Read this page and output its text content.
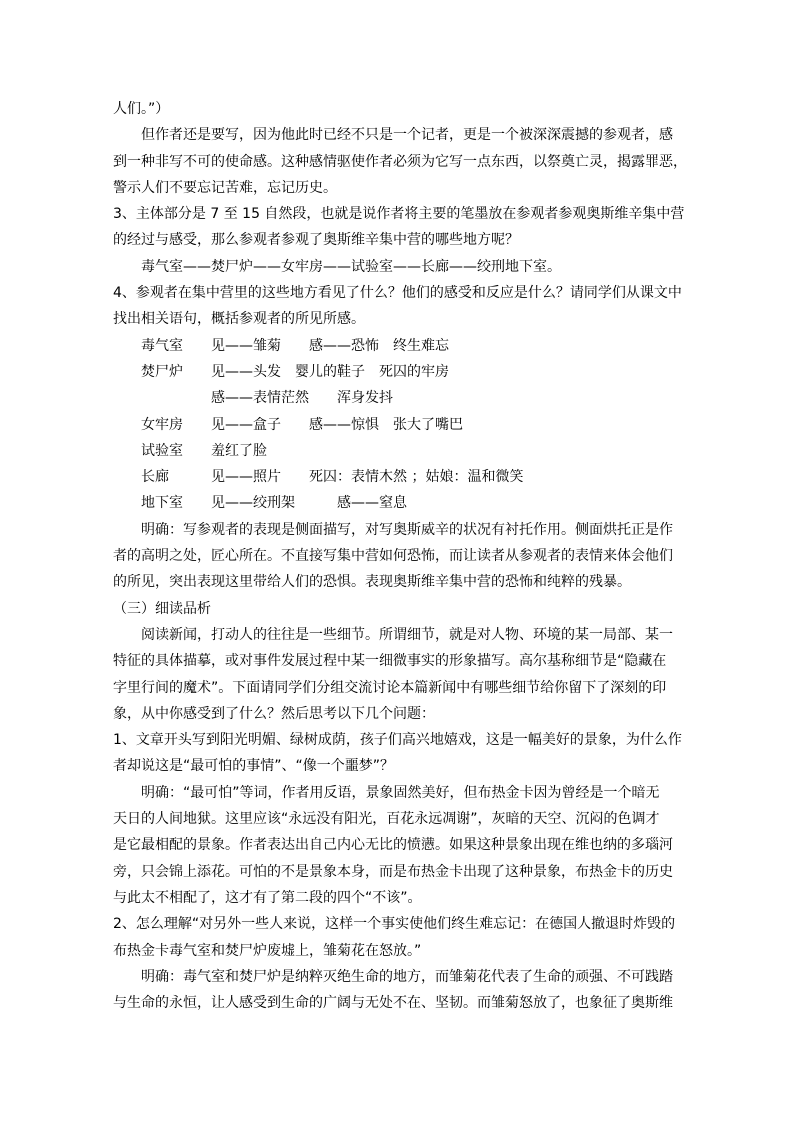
人们。”）
但作者还是要写，因为他此时已经不只是一个记者，更是一个被深深震撼的参观者，感
到一种非写不可的使命感。这种感情驱使作者必须为它写一点东西，以祭奠亡灵，揭露罪恶，
警示人们不要忘记苦难，忘记历史。
3、主体部分是 7 至 15 自然段，也就是说作者将主要的笔墨放在参观者参观奥斯维辛集中营
的经过与感受，那么参观者参观了奥斯维辛集中营的哪些地方呢？
毒气室——焚尸炉——女牢房——试验室——长廊——绞刑地下室。
4、参观者在集中营里的这些地方看见了什么？他们的感受和反应是什么？请同学们从课文中
找出相关语句，概括参观者的所见所感。
毒气室	见——雏菊　　感——恐怖　终生难忘
焚尸炉	见——头发　婴儿的鞋子　死囚的牢房
感——表情茫然　　浑身发抖
女牢房	见——盒子　　感——惊惧　张大了嘴巴
试验室	羞红了脸
长廊	见——照片　　死囚：表情木然 ；姑娘：温和微笑
地下室	见——绞刑架　　　感——窒息
明确：写参观者的表现是侧面描写，对写奥斯威辛的状况有衬托作用。侧面烘托正是作
者的高明之处，匠心所在。不直接写集中营如何恐怖，而让读者从参观者的表情来体会他们
的所见，突出表现这里带给人们的恐惧。表现奥斯维辛集中营的恐怖和纯粹的残暴。
（三）细读品析
阅读新闻，打动人的往往是一些细节。所谓细节，就是对人物、环境的某一局部、某一
特征的具体描摹，或对事件发展过程中某一细微事实的形象描写。高尔基称细节是“隐藏在
字里行间的魔术”。下面请同学们分组交流讨论本篇新闻中有哪些细节给你留下了深刻的印
象，从中你感受到了什么？然后思考以下几个问题：
1、文章开头写到阳光明媚、绿树成荫，孩子们高兴地嬉戏，这是一幅美好的景象，为什么作
者却说这是“最可怕的事情”、“像一个噩梦”？
明确：“最可怕”等词，作者用反语，景象固然美好，但布热金卡因为曾经是一个暗无
天日的人间地狱。这里应该“永远没有阳光，百花永远凋谢”，灰暗的天空、沉闷的色调才
是它最相配的景象。作者表达出自己内心无比的愤懑。如果这种景象出现在维也纳的多瑙河
旁，只会锦上添花。可怕的不是景象本身，而是布热金卡出现了这种景象，布热金卡的历史
与此太不相配了，这才有了第二段的四个“不该”。
2、怎么理解“对另外一些人来说，这样一个事实使他们终生难忘记：在德国人撤退时炸毁的
布热金卡毒气室和焚尸炉废墟上，雏菊花在怒放。”
明确：毒气室和焚尸炉是纳粹灭绝生命的地方，而雏菊花代表了生命的顽强、不可践踏
与生命的永恒，让人感受到生命的广阔与无处不在、坚韧。而雏菊怒放了，也象征了奥斯维
